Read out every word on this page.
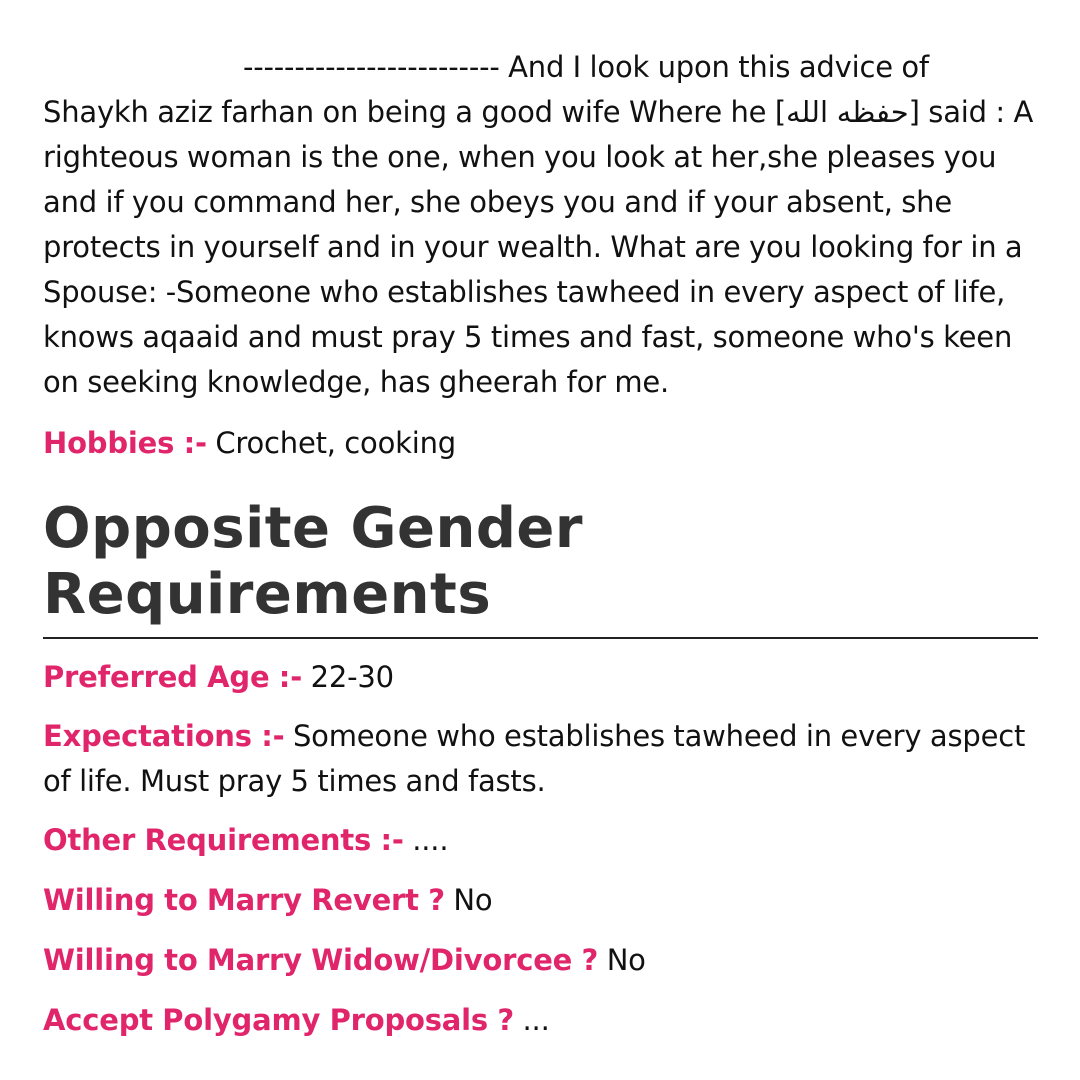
------------------------- And I look upon this advice of Shaykh aziz farhan on being a good wife Where he [حفظه الله] said : A righteous woman is the one, when you look at her,she pleases you and if you command her, she obeys you and if your absent, she protects in yourself and in your wealth. What are you looking for in a Spouse: -Someone who establishes tawheed in every aspect of life, knows aqaaid and must pray 5 times and fast, someone who's keen on seeking knowledge, has gheerah for me.

Hobbies :- Crochet, cooking

Opposite Gender Requirements

Preferred Age :- 22-30

Expectations :- Someone who establishes tawheed in every aspect of life. Must pray 5 times and fasts.

Other Requirements :- ....

Willing to Marry Revert ? No

Willing to Marry Widow/Divorcee ? No

Accept Polygamy Proposals ? ...
